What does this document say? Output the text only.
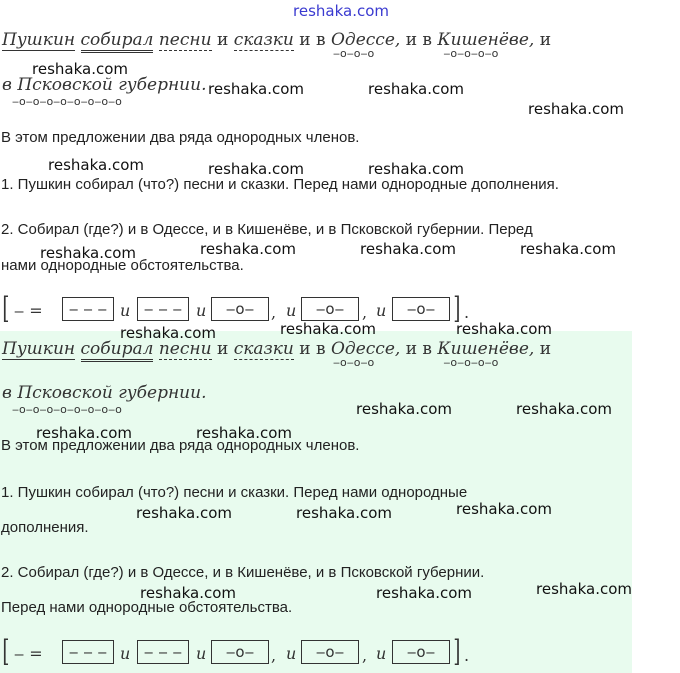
reshaka.com
Пушкин собирал песни и сказки и в Одессе,
‒о‒о‒о
и в Кишенёве,
‒о‒о‒о‒о
и
в Псковской губернии.
‒о‒о‒о‒о‒о‒о‒о‒о
В этом предложении два ряда однородных членов.
1. Пушкин собирал (что?) песни и сказки. Перед нами однородные дополнения.
2. Собирал (где?) и в Одессе, и в Кишенёве, и в Псковской губернии. Перед
нами однородные обстоятельства.
[ ‒ =	‒ ‒ ‒ и ‒ ‒ ‒ и	‒о‒	, и	‒о‒	, и	‒о‒ ] .
Пушкин собирал песни и сказки и в Одессе,
‒о‒о‒о
и в Кишенёве,
‒о‒о‒о‒о
и
в Псковской губернии.
‒о‒о‒о‒о‒о‒о‒о‒о
В этом предложении два ряда однородных членов.
1. Пушкин собирал (что?) песни и сказки. Перед нами однородные
дополнения.
2. Собирал (где?) и в Одессе, и в Кишенёве, и в Псковской губернии.
Перед нами однородные обстоятельства.
[ ‒ =	‒ ‒ ‒ и ‒ ‒ ‒ и	‒о‒	, и	‒о‒	, и	‒о‒ ] .
reshaka.com
reshaka.com	reshaka.com
reshaka.com
reshaka.com	reshaka.com	reshaka.com
reshaka.com	reshaka.com	reshaka.com	reshaka.com
reshaka.com	reshaka.com	reshaka.com
reshaka.com	reshaka.com
reshaka.com	reshaka.com
reshaka.com	reshaka.com	reshaka.com
reshaka.com
reshaka.com	reshaka.com
